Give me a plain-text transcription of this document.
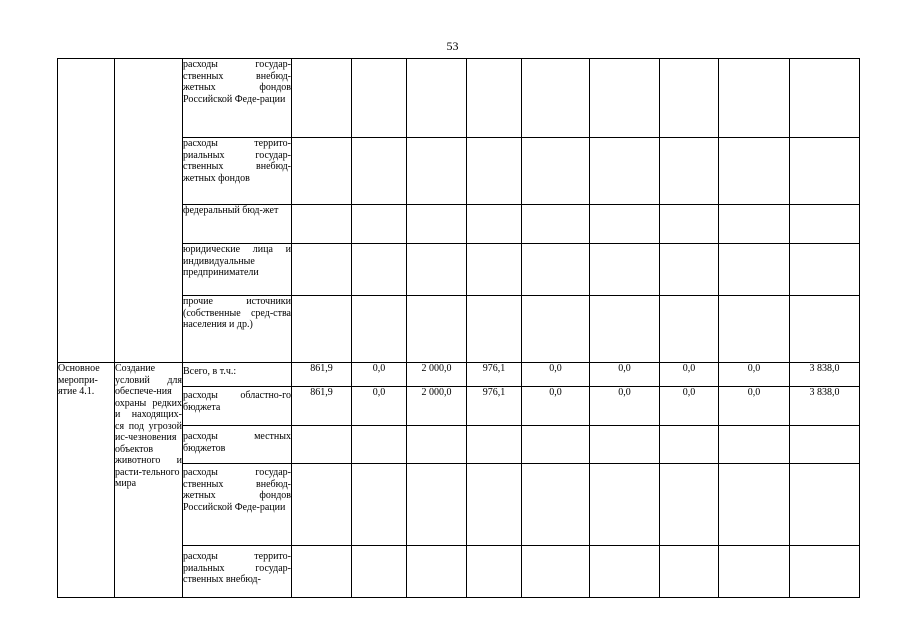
53
		расходы государ-ственных внебюд-жетных фондов Российской Феде-рации									
		расходы террито-риальных государ-ственных внебюд-жетных фондов									
		федеральный бюд-жет									
		юридические лица и индивидуальные предприниматели									
		прочие источники (собственные сред-ства населения и др.)									
Основное меропри-ятие 4.1.	Создание условий для обеспече-ния охраны редких и находящих-ся под угрозой ис-чезновения объектов животного и расти-тельного мира	Всего, в т.ч.:	861,9	0,0	2 000,0	976,1	0,0	0,0	0,0	0,0	3 838,0
		расходы областно-го бюджета	861,9	0,0	2 000,0	976,1	0,0	0,0	0,0	0,0	3 838,0
		расходы местных бюджетов									
		расходы государ-ственных внебюд-жетных фондов Российской Феде-рации									
		расходы террито-риальных государ-ственных внебюд-									
